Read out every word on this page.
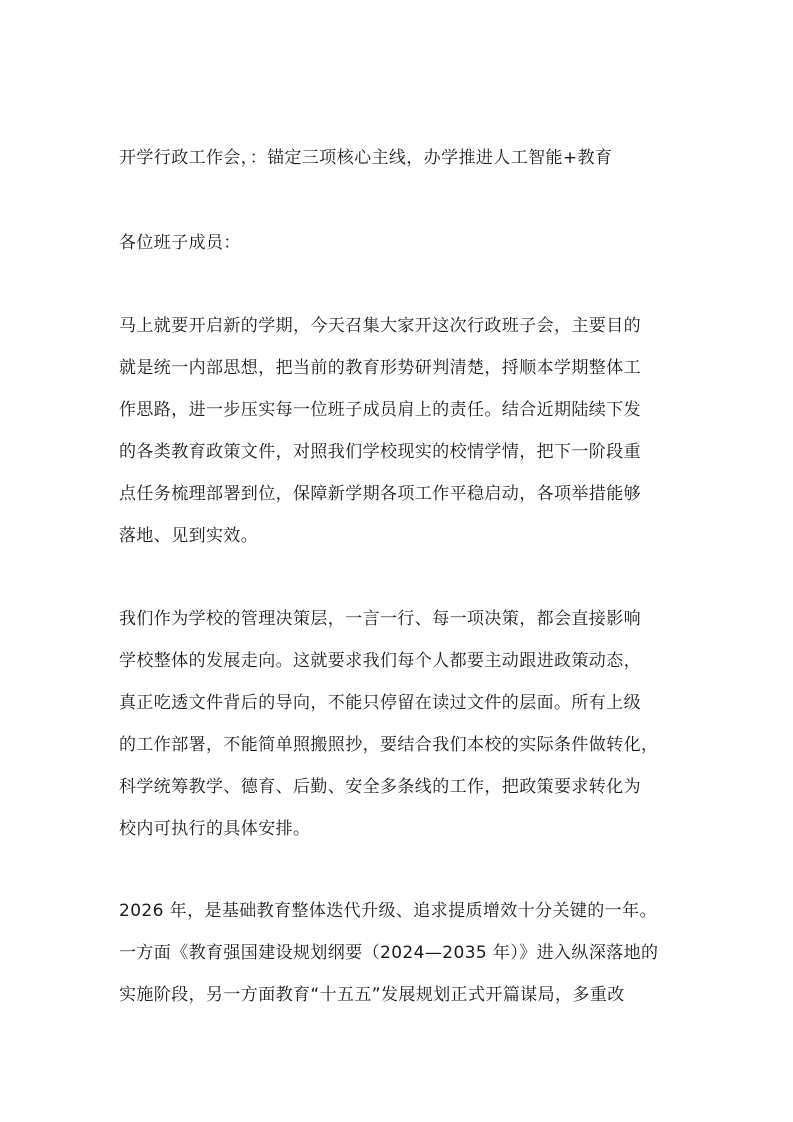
开学行政工作会，：锚定三项核心主线，办学推进人工智能+教育
各位班子成员：
马上就要开启新的学期，今天召集大家开这次行政班子会，主要目的
就是统一内部思想，把当前的教育形势研判清楚，捋顺本学期整体工
作思路，进一步压实每一位班子成员肩上的责任。结合近期陆续下发
的各类教育政策文件，对照我们学校现实的校情学情，把下一阶段重
点任务梳理部署到位，保障新学期各项工作平稳启动，各项举措能够
落地、见到实效。
我们作为学校的管理决策层，一言一行、每一项决策，都会直接影响
学校整体的发展走向。这就要求我们每个人都要主动跟进政策动态，
真正吃透文件背后的导向，不能只停留在读过文件的层面。所有上级
的工作部署，不能简单照搬照抄，要结合我们本校的实际条件做转化，
科学统筹教学、德育、后勤、安全多条线的工作，把政策要求转化为
校内可执行的具体安排。
2026 年，是基础教育整体迭代升级、追求提质增效十分关键的一年。
一方面《教育强国建设规划纲要（2024—2035 年）》进入纵深落地的
实施阶段，另一方面教育“十五五”发展规划正式开篇谋局，多重改
